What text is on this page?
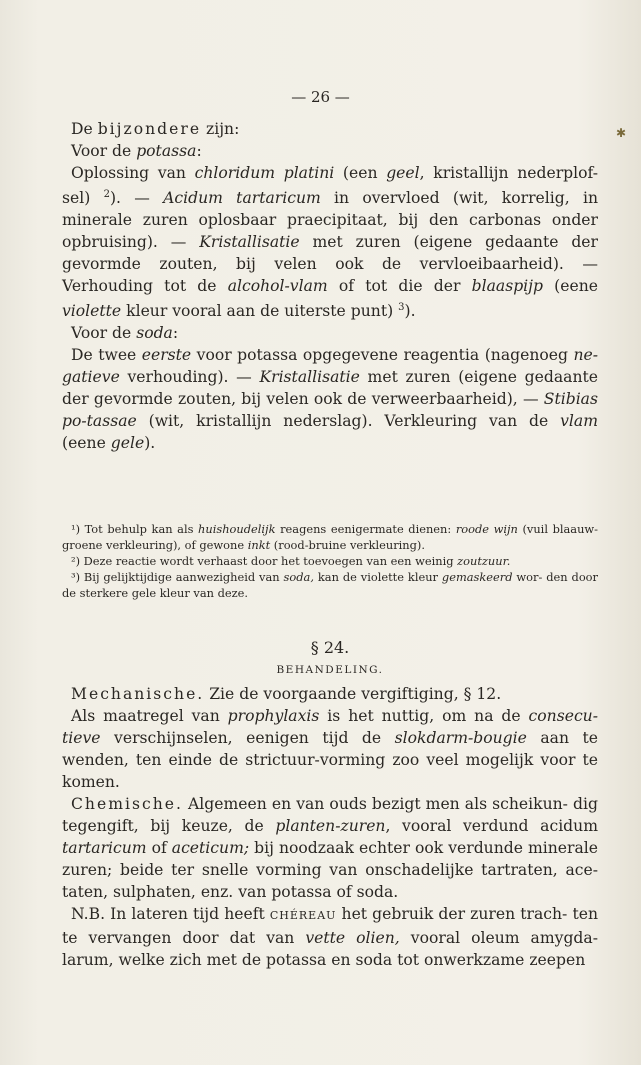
— 26 —
✱

De bijzondere zijn:

Voor de potassa:

Oplossing van chloridum platini (een geel, kristallijn nederplof- sel) $^2$). — Acidum tartaricum in overvloed (wit, korrelig, in minerale zuren oplosbaar praecipitaat, bij den carbonas onder opbruising). — Kristallisatie met zuren (eigene gedaante der gevormde zouten, bij velen ook de vervloeibaarheid). — Verhouding tot de alcohol-vlam of tot die der blaaspijp (eene violette kleur vooral aan de uiterste punt) $^3$).

Voor de soda:

De twee eerste voor potassa opgegevene reagentia (nagenoeg ne-gatieve verhouding). — Kristallisatie met zuren (eigene gedaante der gevormde zouten, bij velen ook de verweerbaarheid), — Stibias po-tassae (wit, kristallijn nederslag). Verkleuring van de vlam (eene gele).

¹) Tot behulp kan als huishoudelijk reagens eenigermate dienen: roode wijn (vuil blaauw-groene verkleuring), of gewone inkt (rood-bruine verkleuring).

²) Deze reactie wordt verhaast door het toevoegen van een weinig zoutzuur.

³) Bij gelijktijdige aanwezigheid van soda, kan de violette kleur gemaskeerd wor- den door de sterkere gele kleur van deze.

§ 24.

BEHANDELING.

Mechanische. Zie de voorgaande vergiftiging, § 12.

Als maatregel van prophylaxis is het nuttig, om na de consecu-tieve verschijnselen, eenigen tijd de slokdarm-bougie aan te wenden, ten einde de strictuur-vorming zoo veel mogelijk voor te komen.

Chemische. Algemeen en van ouds bezigt men als scheikun- dig tegengift, bij keuze, de planten-zuren, vooral verdund acidum tartaricum of aceticum; bij noodzaak echter ook verdunde minerale zuren; beide ter snelle vorming van onschadelijke tartraten, ace- taten, sulphaten, enz. van potassa of soda.

N.B. In lateren tijd heeft CHÉREAU het gebruik der zuren trach- ten te vervangen door dat van vette olien, vooral oleum amygda- larum, welke zich met de potassa en soda tot onwerkzame zeepen
